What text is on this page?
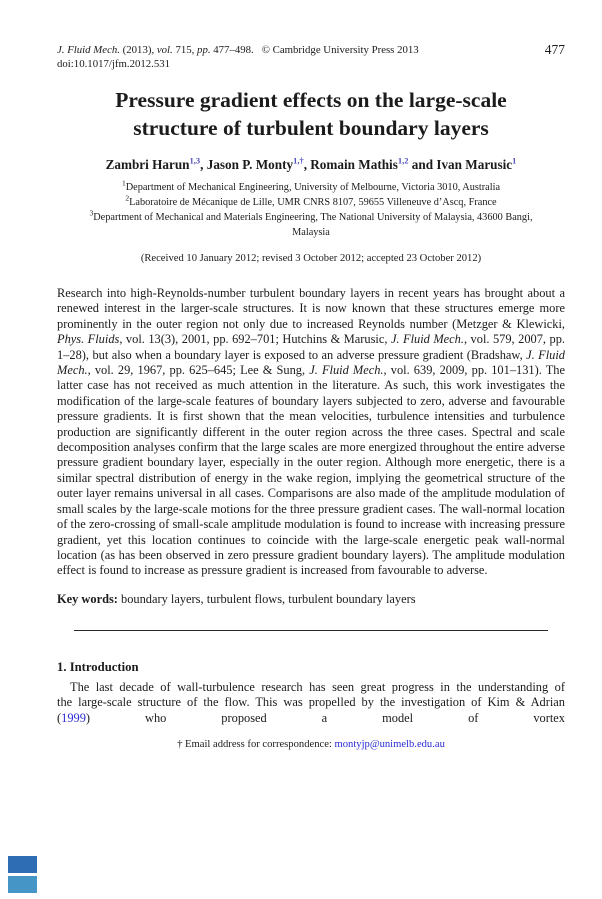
J. Fluid Mech. (2013), vol. 715, pp. 477–498. © Cambridge University Press 2013	477
doi:10.1017/jfm.2012.531
Pressure gradient effects on the large-scale structure of turbulent boundary layers
Zambri Harun$^{1,3}$, Jason P. Monty$^{1,\dagger}$, Romain Mathis$^{1,2}$ and Ivan Marusic$^1$
$^1$Department of Mechanical Engineering, University of Melbourne, Victoria 3010, Australia
$^2$Laboratoire de Mécanique de Lille, UMR CNRS 8107, 59655 Villeneuve d’Ascq, France
$^3$Department of Mechanical and Materials Engineering, The National University of Malaysia, 43600 Bangi, Malaysia
(Received 10 January 2012; revised 3 October 2012; accepted 23 October 2012)

Research into high-Reynolds-number turbulent boundary layers in recent years has brought about a renewed interest in the larger-scale structures. It is now known that these structures emerge more prominently in the outer region not only due to increased Reynolds number (Metzger & Klewicki, Phys. Fluids, vol. 13(3), 2001, pp. 692–701; Hutchins & Marusic, J. Fluid Mech., vol. 579, 2007, pp. 1–28), but also when a boundary layer is exposed to an adverse pressure gradient (Bradshaw, J. Fluid Mech., vol. 29, 1967, pp. 625–645; Lee & Sung, J. Fluid Mech., vol. 639, 2009, pp. 101–131). The latter case has not received as much attention in the literature. As such, this work investigates the modification of the large-scale features of boundary layers subjected to zero, adverse and favourable pressure gradients. It is first shown that the mean velocities, turbulence intensities and turbulence production are significantly different in the outer region across the three cases. Spectral and scale decomposition analyses confirm that the large scales are more energized throughout the entire adverse pressure gradient boundary layer, especially in the outer region. Although more energetic, there is a similar spectral distribution of energy in the wake region, implying the geometrical structure of the outer layer remains universal in all cases. Comparisons are also made of the amplitude modulation of small scales by the large-scale motions for the three pressure gradient cases. The wall-normal location of the zero-crossing of small-scale amplitude modulation is found to increase with increasing pressure gradient, yet this location continues to coincide with the large-scale energetic peak wall-normal location (as has been observed in zero pressure gradient boundary layers). The amplitude modulation effect is found to increase as pressure gradient is increased from favourable to adverse.

Key words: boundary layers, turbulent flows, turbulent boundary layers

1. Introduction

The last decade of wall-turbulence research has seen great progress in the understanding of the large-scale structure of the flow. This was propelled by the investigation of Kim & Adrian (1999) who proposed a model of vortex

† Email address for correspondence: montyjp@unimelb.edu.au
